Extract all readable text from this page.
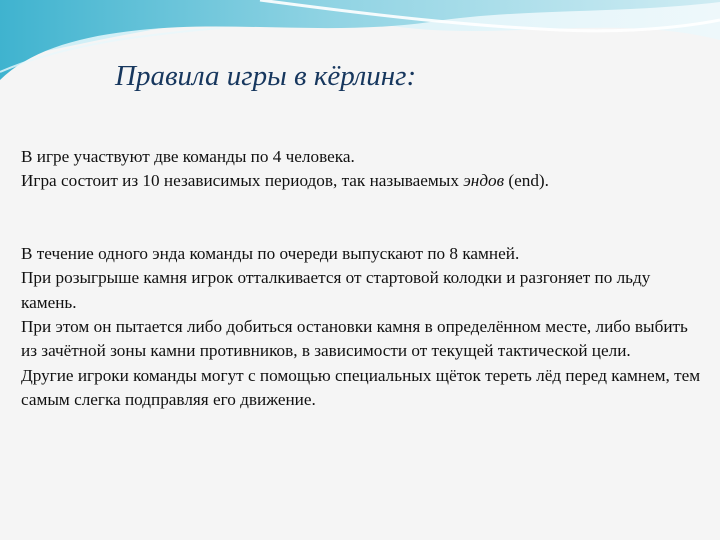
Правила игры в кёрлинг:

В игре участвуют две команды по 4 человека.

Игра состоит из 10 независимых периодов, так называемых эндов (end).

В течение одного энда команды по очереди выпускают по 8 камней.

При розыгрыше камня игрок отталкивается от стартовой колодки и разгоняет по льду камень.

При этом он пытается либо добиться остановки камня в определённом месте, либо выбить из зачётной зоны камни противников, в зависимости от текущей тактической цели.

Другие игроки команды могут с помощью специальных щёток тереть лёд перед камнем, тем самым слегка подправляя его движение.
